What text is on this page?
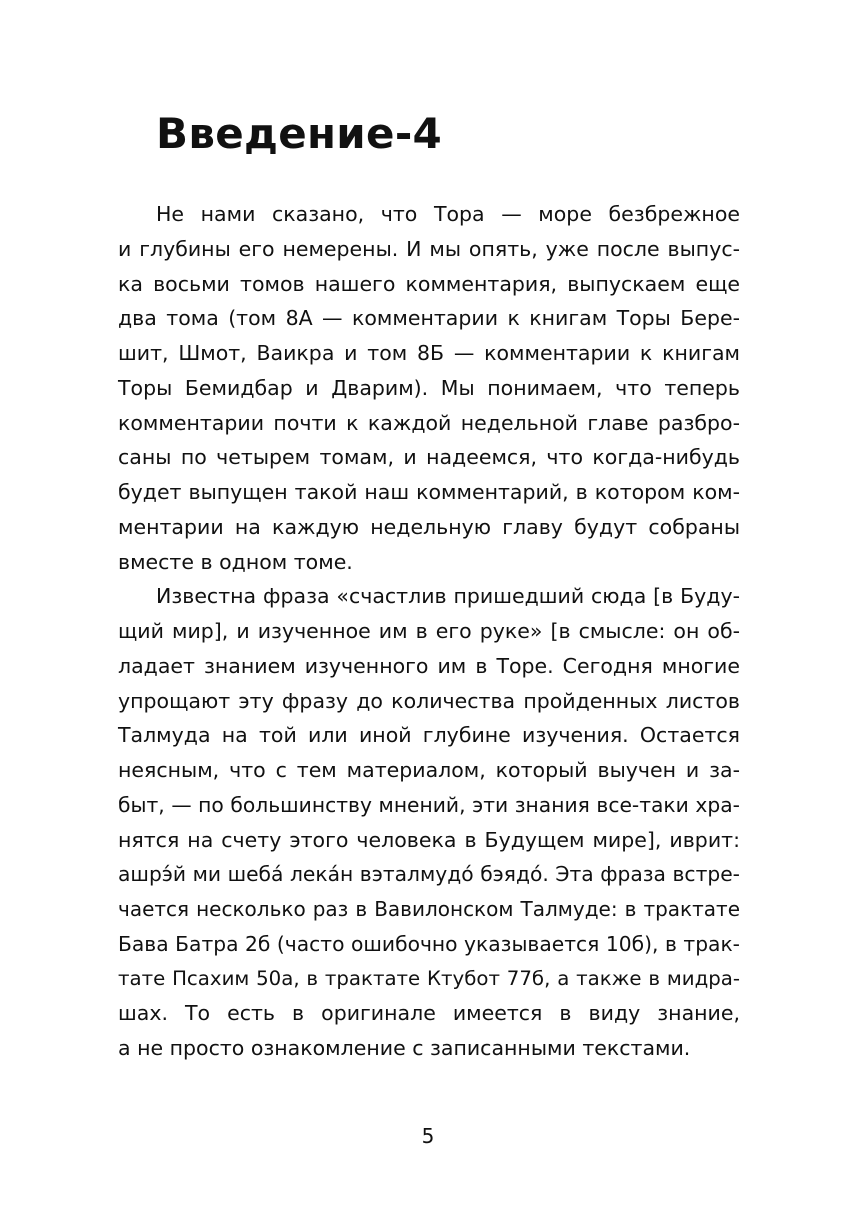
Введение-4
Не нами сказано, что Тора — море безбрежное
и глубины его немерены. И мы опять, уже после выпус-
ка восьми томов нашего комментария, выпускаем еще
два тома (том 8А — комментарии к книгам Торы Бере-
шит, Шмот, Ваикра и том 8Б — комментарии к книгам
Торы Бемидбар и Дварим). Мы понимаем, что теперь
комментарии почти к каждой недельной главе разбро-
саны по четырем томам, и надеемся, что когда-нибудь
будет выпущен такой наш комментарий, в котором ком-
ментарии на каждую недельную главу будут собраны
вместе в одном томе.
Известна фраза «счастлив пришедший сюда [в Буду-
щий мир], и изученное им в его руке» [в смысле: он об-
ладает знанием изученного им в Торе. Сегодня многие
упрощают эту фразу до количества пройденных листов
Талмуда на той или иной глубине изучения. Остается
неясным, что с тем материалом, который выучен и за-
быт, — по большинству мнений, эти знания все-таки хра-
нятся на счету этого человека в Будущем мире], иврит:
ашрэ́й ми шеба́ лека́н вэталмудо́ бэядо́. Эта фраза встре-
чается несколько раз в Вавилонском Талмуде: в трактате
Бава Батра 2б (часто ошибочно указывается 10б), в трак-
тате Псахим 50а, в трактате Ктубот 77б, а также в мидра-
шах. То есть в оригинале имеется в виду знание,
а не просто ознакомление с записанными текстами.
5
